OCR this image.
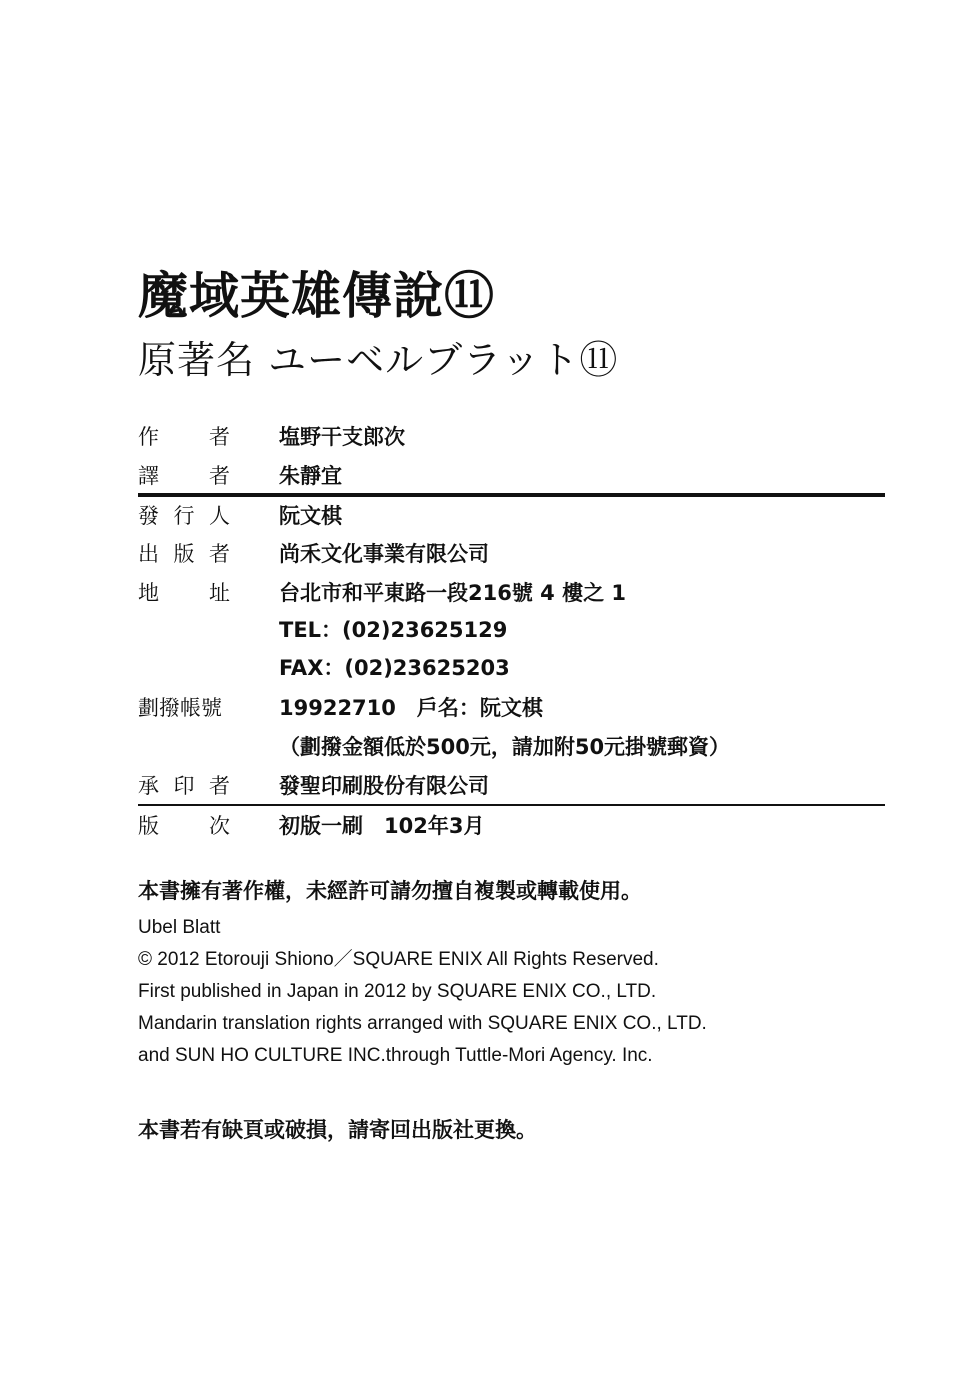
魔域英雄傳說⑪
原著名 ユーベルブラット⑪
作 者 塩野干支郎次
譯 者 朱靜宜
發 行 人 阮文棋
出 版 者 尚禾文化事業有限公司
地 址 台北市和平東路一段216號 4 樓之 1
TEL：(02)23625129
FAX：(02)23625203
劃撥帳號	19922710　戶名：阮文棋
（劃撥金額低於500元，請加附50元掛號郵資）
承 印 者 發聖印刷股份有限公司
版 次 初版一刷　102年3月
本書擁有著作權，未經許可請勿擅自複製或轉載使用。
Ubel Blatt
© 2012 Etorouji Shiono／SQUARE ENIX All Rights Reserved.
First published in Japan in 2012 by SQUARE ENIX CO., LTD.
Mandarin translation rights arranged with SQUARE ENIX CO., LTD.
and SUN HO CULTURE INC.through Tuttle-Mori Agency. Inc.
本書若有缺頁或破損，請寄回出版社更換。
